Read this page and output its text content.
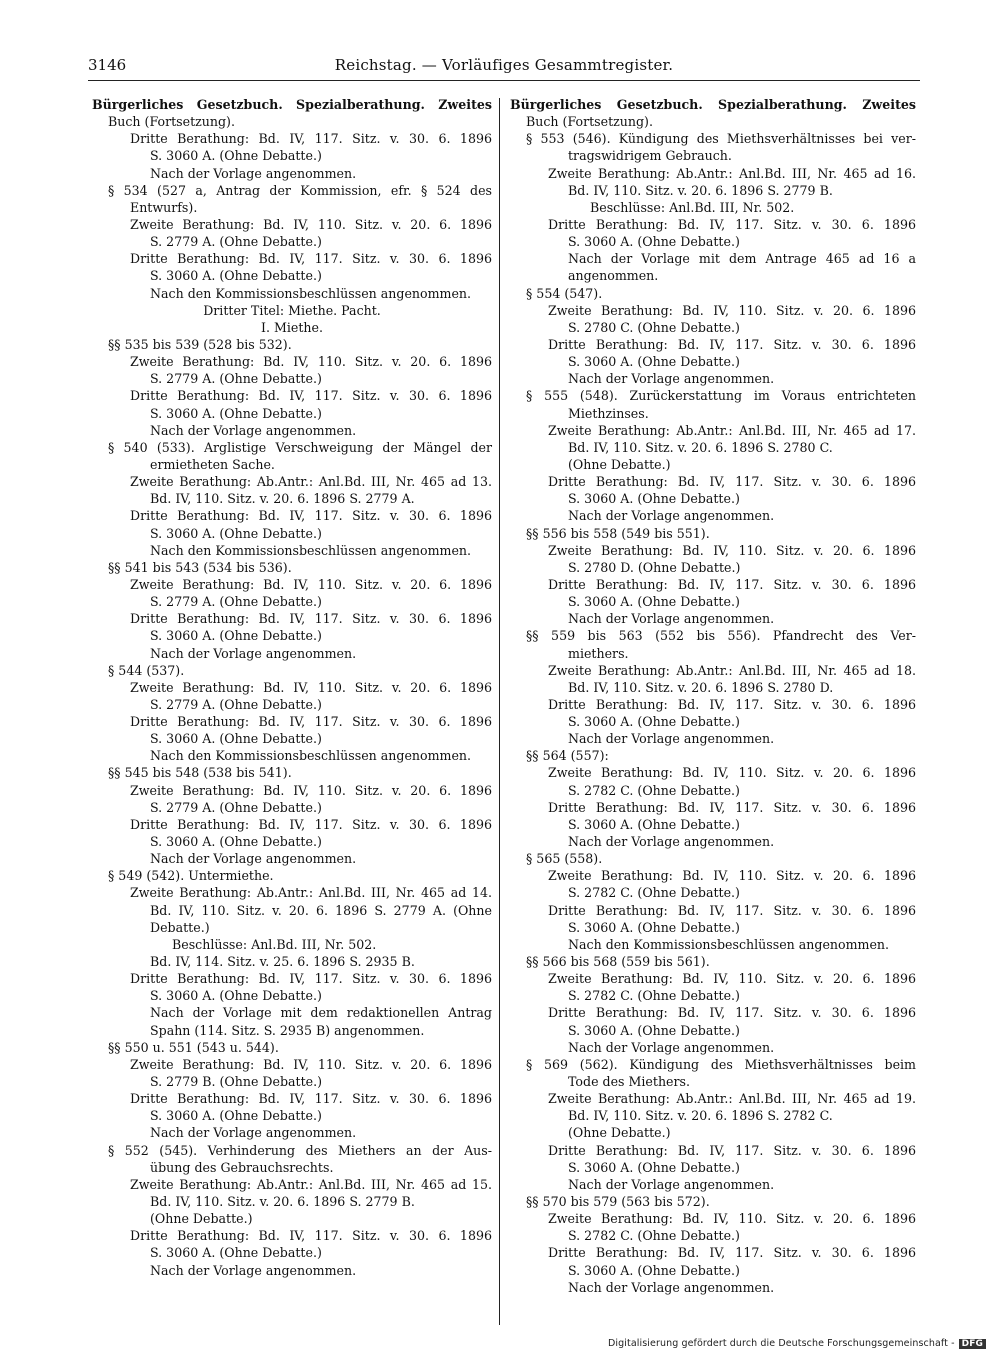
3146	Reichstag. — Vorläufiges Gesammtregister.
Bürgerliches Gesetzbuch. Spezialberathung. Zweites
Buch (Fortsetzung).
Dritte Berathung: Bd. IV, 117. Sitz. v. 30. 6. 1896
S. 3060 A. (Ohne Debatte.)
Nach der Vorlage angenommen.
§ 534 (527 a, Antrag der Kommission, efr. § 524 des
Entwurfs).
Zweite Berathung: Bd. IV, 110. Sitz. v. 20. 6. 1896
S. 2779 A. (Ohne Debatte.)
Dritte Berathung: Bd. IV, 117. Sitz. v. 30. 6. 1896
S. 3060 A. (Ohne Debatte.)
Nach den Kommissionsbeschlüssen angenommen.
Dritter Titel: Miethe. Pacht.
I. Miethe.
§§ 535 bis 539 (528 bis 532).
Zweite Berathung: Bd. IV, 110. Sitz. v. 20. 6. 1896
S. 2779 A. (Ohne Debatte.)
Dritte Berathung: Bd. IV, 117. Sitz. v. 30. 6. 1896
S. 3060 A. (Ohne Debatte.)
Nach der Vorlage angenommen.
§ 540 (533). Arglistige Verschweigung der Mängel der
ermietheten Sache.
Zweite Berathung: Ab.Antr.: Anl.Bd. III, Nr. 465 ad 13.
Bd. IV, 110. Sitz. v. 20. 6. 1896 S. 2779 A.
Dritte Berathung: Bd. IV, 117. Sitz. v. 30. 6. 1896
S. 3060 A. (Ohne Debatte.)
Nach den Kommissionsbeschlüssen angenommen.
§§ 541 bis 543 (534 bis 536).
Zweite Berathung: Bd. IV, 110. Sitz. v. 20. 6. 1896
S. 2779 A. (Ohne Debatte.)
Dritte Berathung: Bd. IV, 117. Sitz. v. 30. 6. 1896
S. 3060 A. (Ohne Debatte.)
Nach der Vorlage angenommen.
§ 544 (537).
Zweite Berathung: Bd. IV, 110. Sitz. v. 20. 6. 1896
S. 2779 A. (Ohne Debatte.)
Dritte Berathung: Bd. IV, 117. Sitz. v. 30. 6. 1896
S. 3060 A. (Ohne Debatte.)
Nach den Kommissionsbeschlüssen angenommen.
§§ 545 bis 548 (538 bis 541).
Zweite Berathung: Bd. IV, 110. Sitz. v. 20. 6. 1896
S. 2779 A. (Ohne Debatte.)
Dritte Berathung: Bd. IV, 117. Sitz. v. 30. 6. 1896
S. 3060 A. (Ohne Debatte.)
Nach der Vorlage angenommen.
§ 549 (542). Untermiethe.
Zweite Berathung: Ab.Antr.: Anl.Bd. III, Nr. 465 ad 14.
Bd. IV, 110. Sitz. v. 20. 6. 1896 S. 2779 A. (Ohne
Debatte.)
Beschlüsse: Anl.Bd. III, Nr. 502.
Bd. IV, 114. Sitz. v. 25. 6. 1896 S. 2935 B.
Dritte Berathung: Bd. IV, 117. Sitz. v. 30. 6. 1896
S. 3060 A. (Ohne Debatte.)
Nach der Vorlage mit dem redaktionellen Antrag
Spahn (114. Sitz. S. 2935 B) angenommen.
§§ 550 u. 551 (543 u. 544).
Zweite Berathung: Bd. IV, 110. Sitz. v. 20. 6. 1896
S. 2779 B. (Ohne Debatte.)
Dritte Berathung: Bd. IV, 117. Sitz. v. 30. 6. 1896
S. 3060 A. (Ohne Debatte.)
Nach der Vorlage angenommen.
§ 552 (545). Verhinderung des Miethers an der Aus-
übung des Gebrauchsrechts.
Zweite Berathung: Ab.Antr.: Anl.Bd. III, Nr. 465 ad 15.
Bd. IV, 110. Sitz. v. 20. 6. 1896 S. 2779 B.
(Ohne Debatte.)
Dritte Berathung: Bd. IV, 117. Sitz. v. 30. 6. 1896
S. 3060 A. (Ohne Debatte.)
Nach der Vorlage angenommen.
Bürgerliches Gesetzbuch. Spezialberathung. Zweites
Buch (Fortsetzung).
§ 553 (546). Kündigung des Miethsverhältnisses bei ver-
tragswidrigem Gebrauch.
Zweite Berathung: Ab.Antr.: Anl.Bd. III, Nr. 465 ad 16.
Bd. IV, 110. Sitz. v. 20. 6. 1896 S. 2779 B.
Beschlüsse: Anl.Bd. III, Nr. 502.
Dritte Berathung: Bd. IV, 117. Sitz. v. 30. 6. 1896
S. 3060 A. (Ohne Debatte.)
Nach der Vorlage mit dem Antrage 465 ad 16 a
angenommen.
§ 554 (547).
Zweite Berathung: Bd. IV, 110. Sitz. v. 20. 6. 1896
S. 2780 C. (Ohne Debatte.)
Dritte Berathung: Bd. IV, 117. Sitz. v. 30. 6. 1896
S. 3060 A. (Ohne Debatte.)
Nach der Vorlage angenommen.
§ 555 (548). Zurückerstattung im Voraus entrichteten
Miethzinses.
Zweite Berathung: Ab.Antr.: Anl.Bd. III, Nr. 465 ad 17.
Bd. IV, 110. Sitz. v. 20. 6. 1896 S. 2780 C.
(Ohne Debatte.)
Dritte Berathung: Bd. IV, 117. Sitz. v. 30. 6. 1896
S. 3060 A. (Ohne Debatte.)
Nach der Vorlage angenommen.
§§ 556 bis 558 (549 bis 551).
Zweite Berathung: Bd. IV, 110. Sitz. v. 20. 6. 1896
S. 2780 D. (Ohne Debatte.)
Dritte Berathung: Bd. IV, 117. Sitz. v. 30. 6. 1896
S. 3060 A. (Ohne Debatte.)
Nach der Vorlage angenommen.
§§ 559 bis 563 (552 bis 556). Pfandrecht des Ver-
miethers.
Zweite Berathung: Ab.Antr.: Anl.Bd. III, Nr. 465 ad 18.
Bd. IV, 110. Sitz. v. 20. 6. 1896 S. 2780 D.
Dritte Berathung: Bd. IV, 117. Sitz. v. 30. 6. 1896
S. 3060 A. (Ohne Debatte.)
Nach der Vorlage angenommen.
§§ 564 (557):
Zweite Berathung: Bd. IV, 110. Sitz. v. 20. 6. 1896
S. 2782 C. (Ohne Debatte.)
Dritte Berathung: Bd. IV, 117. Sitz. v. 30. 6. 1896
S. 3060 A. (Ohne Debatte.)
Nach der Vorlage angenommen.
§ 565 (558).
Zweite Berathung: Bd. IV, 110. Sitz. v. 20. 6. 1896
S. 2782 C. (Ohne Debatte.)
Dritte Berathung: Bd. IV, 117. Sitz. v. 30. 6. 1896
S. 3060 A. (Ohne Debatte.)
Nach den Kommissionsbeschlüssen angenommen.
§§ 566 bis 568 (559 bis 561).
Zweite Berathung: Bd. IV, 110. Sitz. v. 20. 6. 1896
S. 2782 C. (Ohne Debatte.)
Dritte Berathung: Bd. IV, 117. Sitz. v. 30. 6. 1896
S. 3060 A. (Ohne Debatte.)
Nach der Vorlage angenommen.
§ 569 (562). Kündigung des Miethsverhältnisses beim
Tode des Miethers.
Zweite Berathung: Ab.Antr.: Anl.Bd. III, Nr. 465 ad 19.
Bd. IV, 110. Sitz. v. 20. 6. 1896 S. 2782 C.
(Ohne Debatte.)
Dritte Berathung: Bd. IV, 117. Sitz. v. 30. 6. 1896
S. 3060 A. (Ohne Debatte.)
Nach der Vorlage angenommen.
§§ 570 bis 579 (563 bis 572).
Zweite Berathung: Bd. IV, 110. Sitz. v. 20. 6. 1896
S. 2782 C. (Ohne Debatte.)
Dritte Berathung: Bd. IV, 117. Sitz. v. 30. 6. 1896
S. 3060 A. (Ohne Debatte.)
Nach der Vorlage angenommen.
Digitalisierung gefördert durch die Deutsche Forschungsgemeinschaft - DFG
